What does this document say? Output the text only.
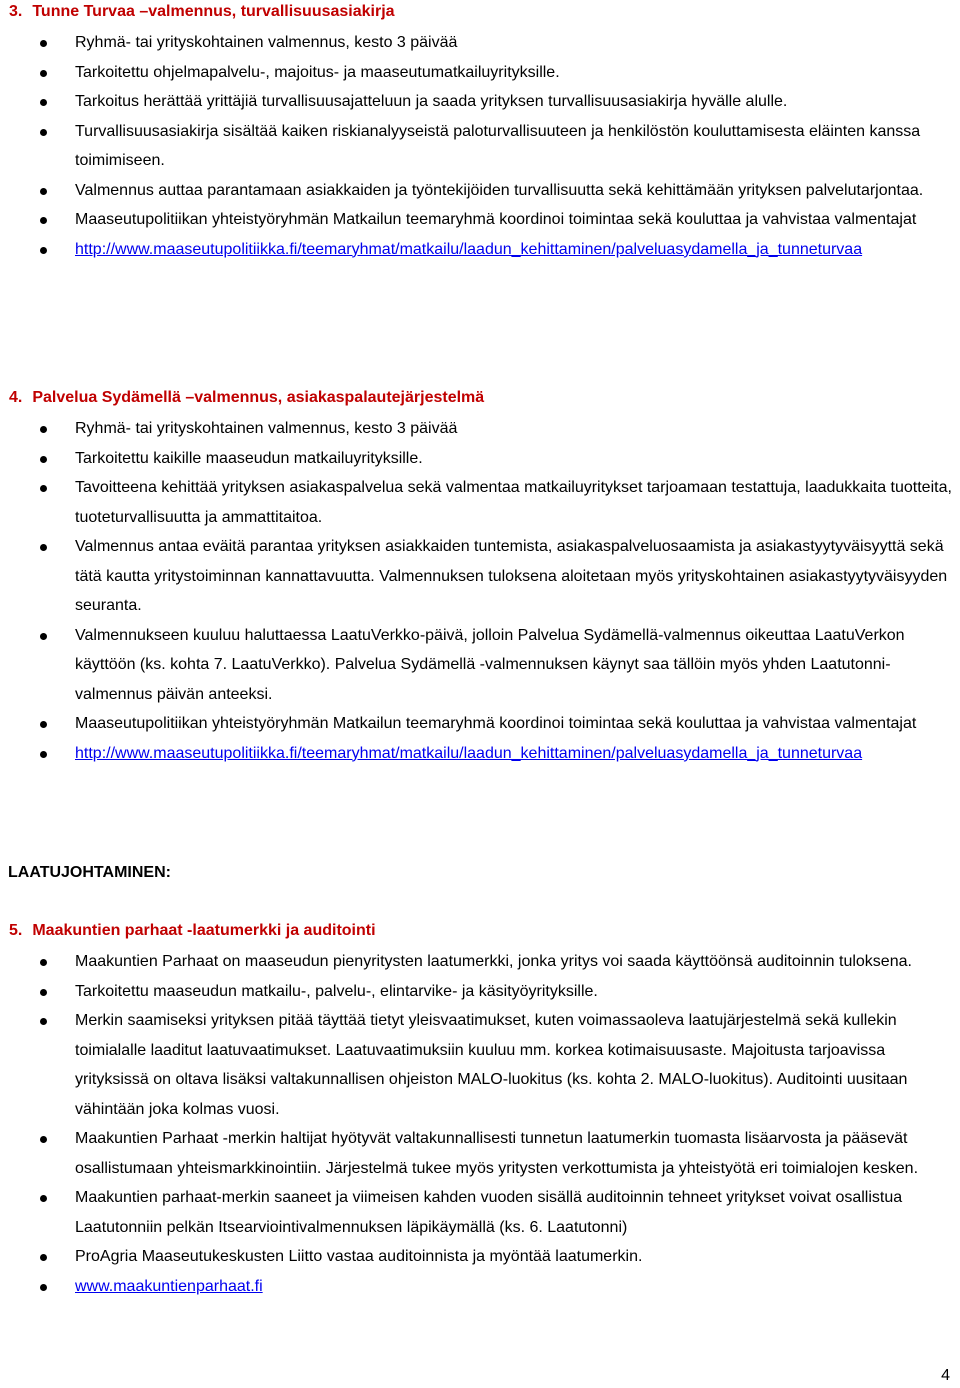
3. Tunne Turvaa –valmennus, turvallisuusasiakirja
Ryhmä- tai yrityskohtainen valmennus, kesto 3 päivää
Tarkoitettu ohjelmapalvelu-, majoitus- ja maaseutumatkailuyrityksille.
Tarkoitus herättää yrittäjiä turvallisuusajatteluun ja saada yrityksen turvallisuusasiakirja hyvälle alulle.
Turvallisuusasiakirja sisältää kaiken riskianalyyseistä paloturvallisuuteen ja henkilöstön kouluttamisesta eläinten kanssa toimimiseen.
Valmennus auttaa parantamaan asiakkaiden ja työntekijöiden turvallisuutta sekä kehittämään yrityksen palvelutarjontaa.
Maaseutupolitiikan yhteistyöryhmän Matkailun teemaryhmä koordinoi toimintaa sekä kouluttaa ja vahvistaa valmentajat
http://www.maaseutupolitiikka.fi/teemaryhmat/matkailu/laadun_kehittaminen/palveluasydamella_ja_tunneturvaa
4. Palvelua Sydämellä –valmennus, asiakaspalautejärjestelmä
Ryhmä- tai yrityskohtainen valmennus, kesto 3 päivää
Tarkoitettu kaikille maaseudun matkailuyrityksille.
Tavoitteena kehittää yrityksen asiakaspalvelua sekä valmentaa matkailuyritykset tarjoamaan testattuja, laadukkaita tuotteita, tuoteturvallisuutta ja ammattitaitoa.
Valmennus antaa eväitä parantaa yrityksen asiakkaiden tuntemista, asiakaspalveluosaamista ja asiakastyytyväisyyttä sekä tätä kautta yritystoiminnan kannattavuutta. Valmennuksen tuloksena aloitetaan myös yrityskohtainen asiakastyytyväisyyden seuranta.
Valmennukseen kuuluu haluttaessa LaatuVerkko-päivä, jolloin Palvelua Sydämellä-valmennus oikeuttaa LaatuVerkon käyttöön (ks. kohta 7. LaatuVerkko). Palvelua Sydämellä -valmennuksen käynyt saa tällöin myös yhden Laatutonni-valmennus päivän anteeksi.
Maaseutupolitiikan yhteistyöryhmän Matkailun teemaryhmä koordinoi toimintaa sekä kouluttaa ja vahvistaa valmentajat
http://www.maaseutupolitiikka.fi/teemaryhmat/matkailu/laadun_kehittaminen/palveluasydamella_ja_tunneturvaa
LAATUJOHTAMINEN:
5. Maakuntien parhaat -laatumerkki ja auditointi
Maakuntien Parhaat on maaseudun pienyritysten laatumerkki, jonka yritys voi saada käyttöönsä auditoinnin tuloksena.
Tarkoitettu maaseudun matkailu-, palvelu-, elintarvike- ja käsityöyrityksille.
Merkin saamiseksi yrityksen pitää täyttää tietyt yleisvaatimukset, kuten voimassaoleva laatujärjestelmä sekä kullekin toimialalle laaditut laatuvaatimukset. Laatuvaatimuksiin kuuluu mm. korkea kotimaisuusaste. Majoitusta tarjoavissa yrityksissä on oltava lisäksi valtakunnallisen ohjeiston MALO-luokitus (ks. kohta 2. MALO-luokitus). Auditointi uusitaan vähintään joka kolmas vuosi.
Maakuntien Parhaat -merkin haltijat hyötyvät valtakunnallisesti tunnetun laatumerkin tuomasta lisäarvosta ja pääsevät osallistumaan yhteismarkkinointiin. Järjestelmä tukee myös yritysten verkottumista ja yhteistyötä eri toimialojen kesken.
Maakuntien parhaat-merkin saaneet ja viimeisen kahden vuoden sisällä auditoinnin tehneet yritykset voivat osallistua Laatutonniin pelkän Itsearviointivalmennuksen läpikäymällä (ks. 6. Laatutonni)
ProAgria Maaseutukeskusten Liitto vastaa auditoinnista ja myöntää laatumerkin.
www.maakuntienparhaat.fi
4
